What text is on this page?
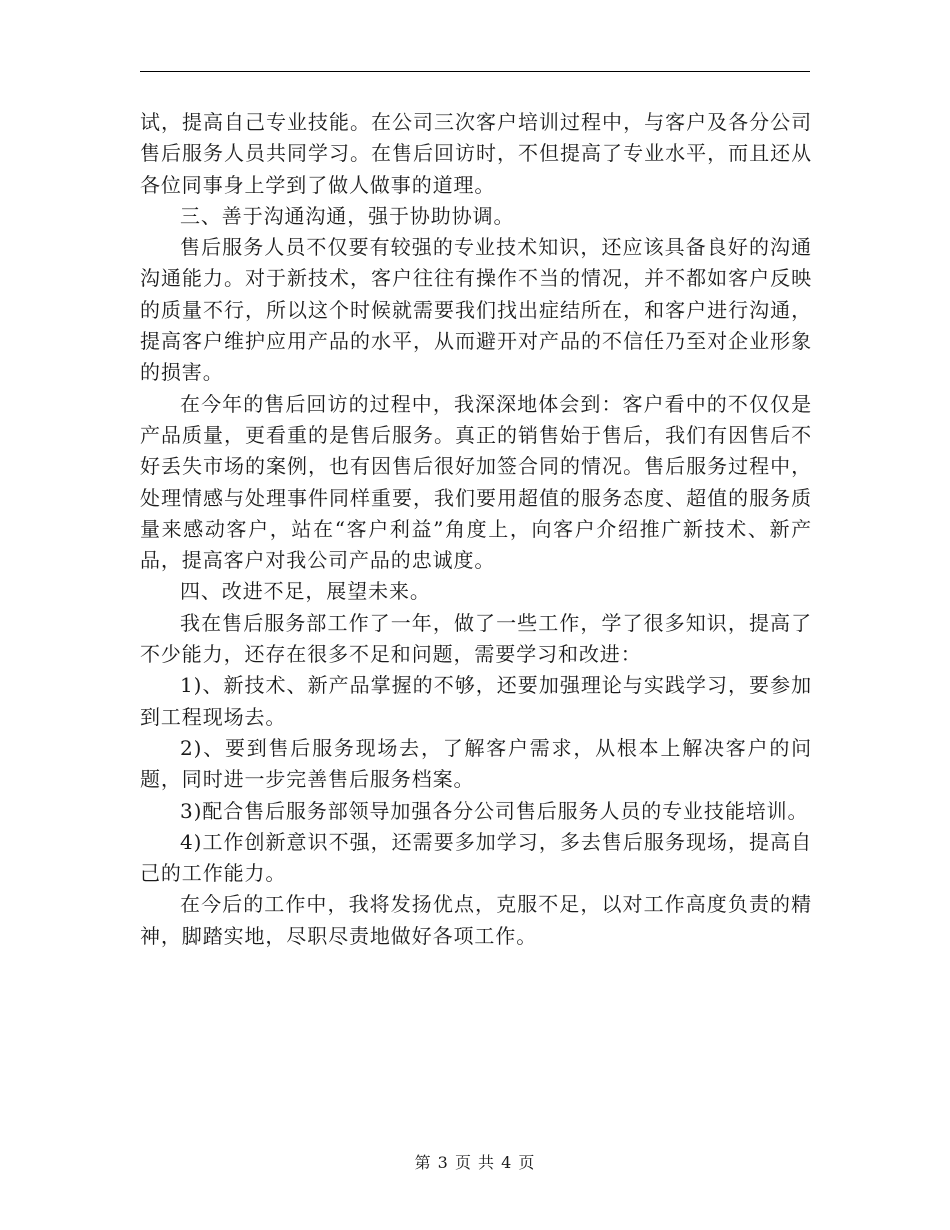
试，提高自己专业技能。在公司三次客户培训过程中，与客户及各分公司售后服务人员共同学习。在售后回访时，不但提高了专业水平，而且还从各位同事身上学到了做人做事的道理。

三、善于沟通沟通，强于协助协调。

售后服务人员不仅要有较强的专业技术知识，还应该具备良好的沟通沟通能力。对于新技术，客户往往有操作不当的情况，并不都如客户反映的质量不行，所以这个时候就需要我们找出症结所在，和客户进行沟通，提高客户维护应用产品的水平，从而避开对产品的不信任乃至对企业形象的损害。

在今年的售后回访的过程中，我深深地体会到：客户看中的不仅仅是产品质量，更看重的是售后服务。真正的销售始于售后，我们有因售后不好丢失市场的案例，也有因售后很好加签合同的情况。售后服务过程中，处理情感与处理事件同样重要，我们要用超值的服务态度、超值的服务质量来感动客户，站在“客户利益”角度上，向客户介绍推广新技术、新产品，提高客户对我公司产品的忠诚度。

四、改进不足，展望未来。

我在售后服务部工作了一年，做了一些工作，学了很多知识，提高了不少能力，还存在很多不足和问题，需要学习和改进：

1)、新技术、新产品掌握的不够，还要加强理论与实践学习，要参加到工程现场去。

2)、要到售后服务现场去，了解客户需求，从根本上解决客户的问题，同时进一步完善售后服务档案。

3)配合售后服务部领导加强各分公司售后服务人员的专业技能培训。

4)工作创新意识不强，还需要多加学习，多去售后服务现场，提高自己的工作能力。

在今后的工作中，我将发扬优点，克服不足，以对工作高度负责的精神，脚踏实地，尽职尽责地做好各项工作。

第 3 页 共 4 页
